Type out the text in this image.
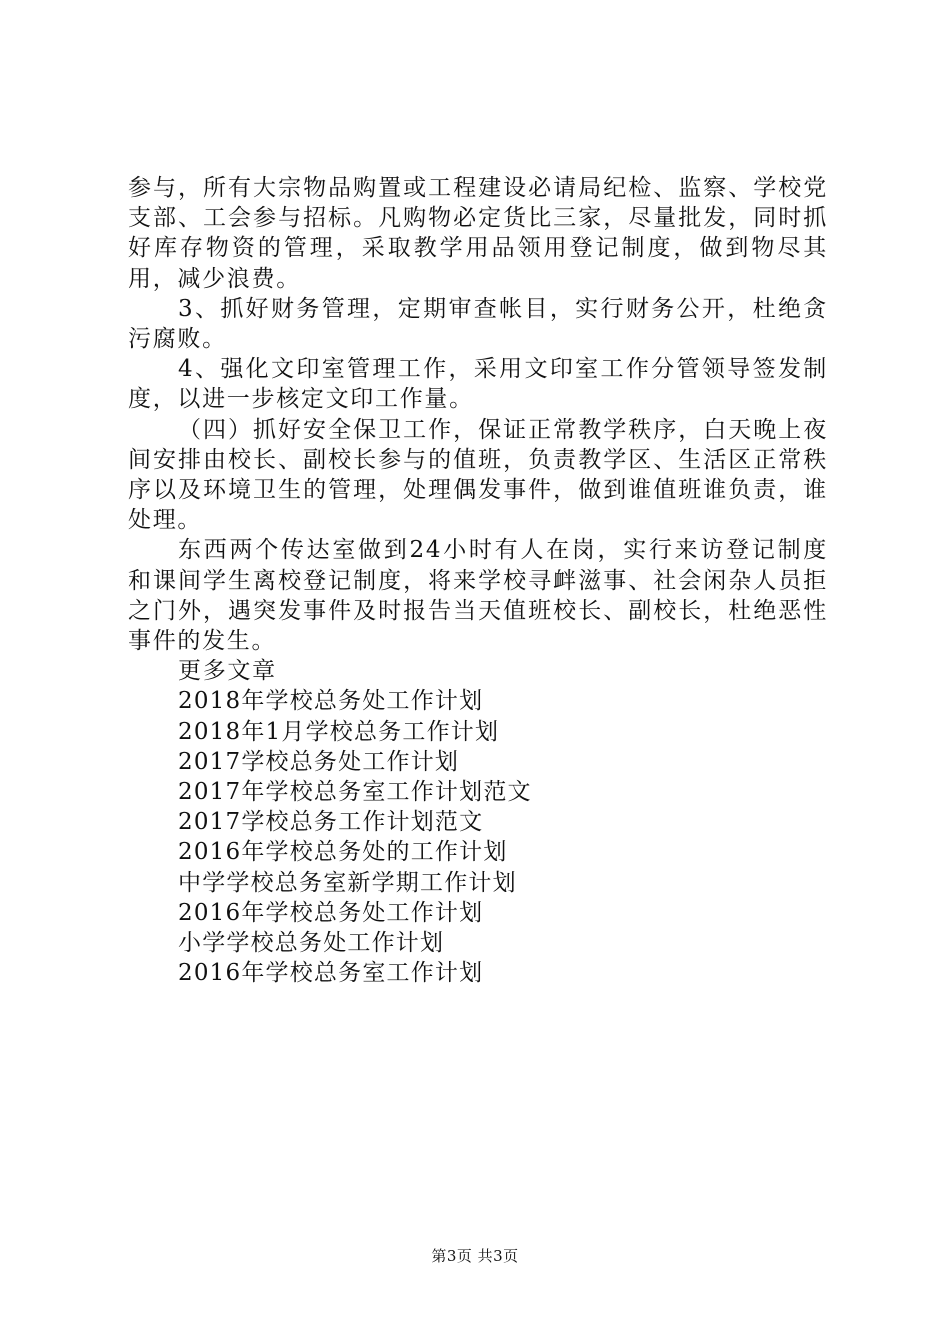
参与，所有大宗物品购置或工程建设必请局纪检、监察、学校党支部、工会参与招标。凡购物必定货比三家，尽量批发，同时抓好库存物资的管理，采取教学用品领用登记制度，做到物尽其用，减少浪费。

3、抓好财务管理，定期审查帐目，实行财务公开，杜绝贪污腐败。

4、强化文印室管理工作，采用文印室工作分管领导签发制度，以进一步核定文印工作量。

（四）抓好安全保卫工作，保证正常教学秩序，白天晚上夜间安排由校长、副校长参与的值班，负责教学区、生活区正常秩序以及环境卫生的管理，处理偶发事件，做到谁值班谁负责，谁处理。

东西两个传达室做到24小时有人在岗，实行来访登记制度和课间学生离校登记制度，将来学校寻衅滋事、社会闲杂人员拒之门外，遇突发事件及时报告当天值班校长、副校长，杜绝恶性事件的发生。

更多文章

2018年学校总务处工作计划
2018年1月学校总务工作计划
2017学校总务处工作计划
2017年学校总务室工作计划范文
2017学校总务工作计划范文
2016年学校总务处的工作计划
中学学校总务室新学期工作计划
2016年学校总务处工作计划
小学学校总务处工作计划
2016年学校总务室工作计划
第3页 共3页
